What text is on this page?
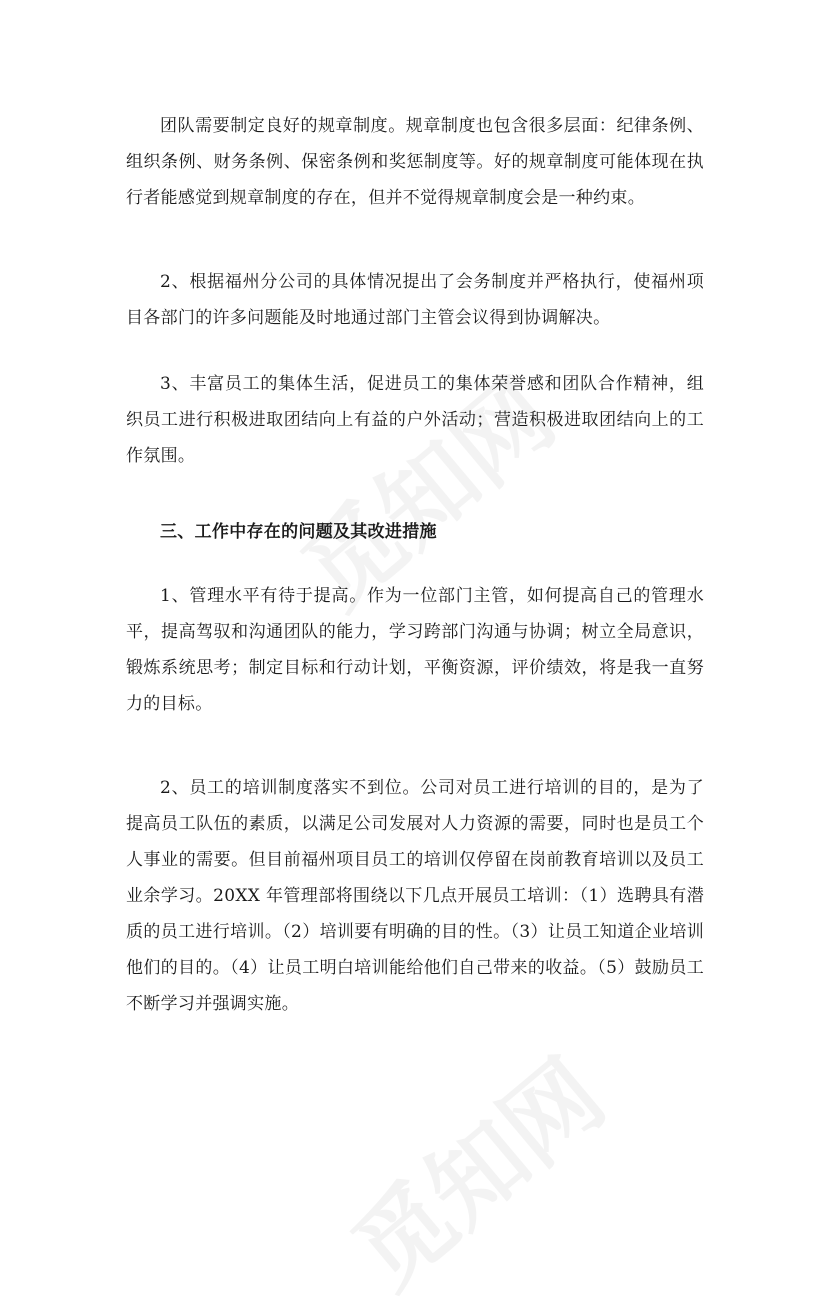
团队需要制定良好的规章制度。规章制度也包含很多层面：纪律条例、组织条例、财务条例、保密条例和奖惩制度等。好的规章制度可能体现在执行者能感觉到规章制度的存在，但并不觉得规章制度会是一种约束。

2、根据福州分公司的具体情况提出了会务制度并严格执行，使福州项目各部门的许多问题能及时地通过部门主管会议得到协调解决。

3、丰富员工的集体生活，促进员工的集体荣誉感和团队合作精神，组织员工进行积极进取团结向上有益的户外活动；营造积极进取团结向上的工作氛围。

三、工作中存在的问题及其改进措施

1、管理水平有待于提高。作为一位部门主管，如何提高自己的管理水平，提高驾驭和沟通团队的能力，学习跨部门沟通与协调；树立全局意识，锻炼系统思考；制定目标和行动计划，平衡资源，评价绩效，将是我一直努力的目标。

2、员工的培训制度落实不到位。公司对员工进行培训的目的，是为了提高员工队伍的素质，以满足公司发展对人力资源的需要，同时也是员工个人事业的需要。但目前福州项目员工的培训仅停留在岗前教育培训以及员工业余学习。20XX 年管理部将围绕以下几点开展员工培训：（1）选聘具有潜质的员工进行培训。（2）培训要有明确的目的性。（3）让员工知道企业培训他们的目的。（4）让员工明白培训能给他们自己带来的收益。（5）鼓励员工不断学习并强调实施。
